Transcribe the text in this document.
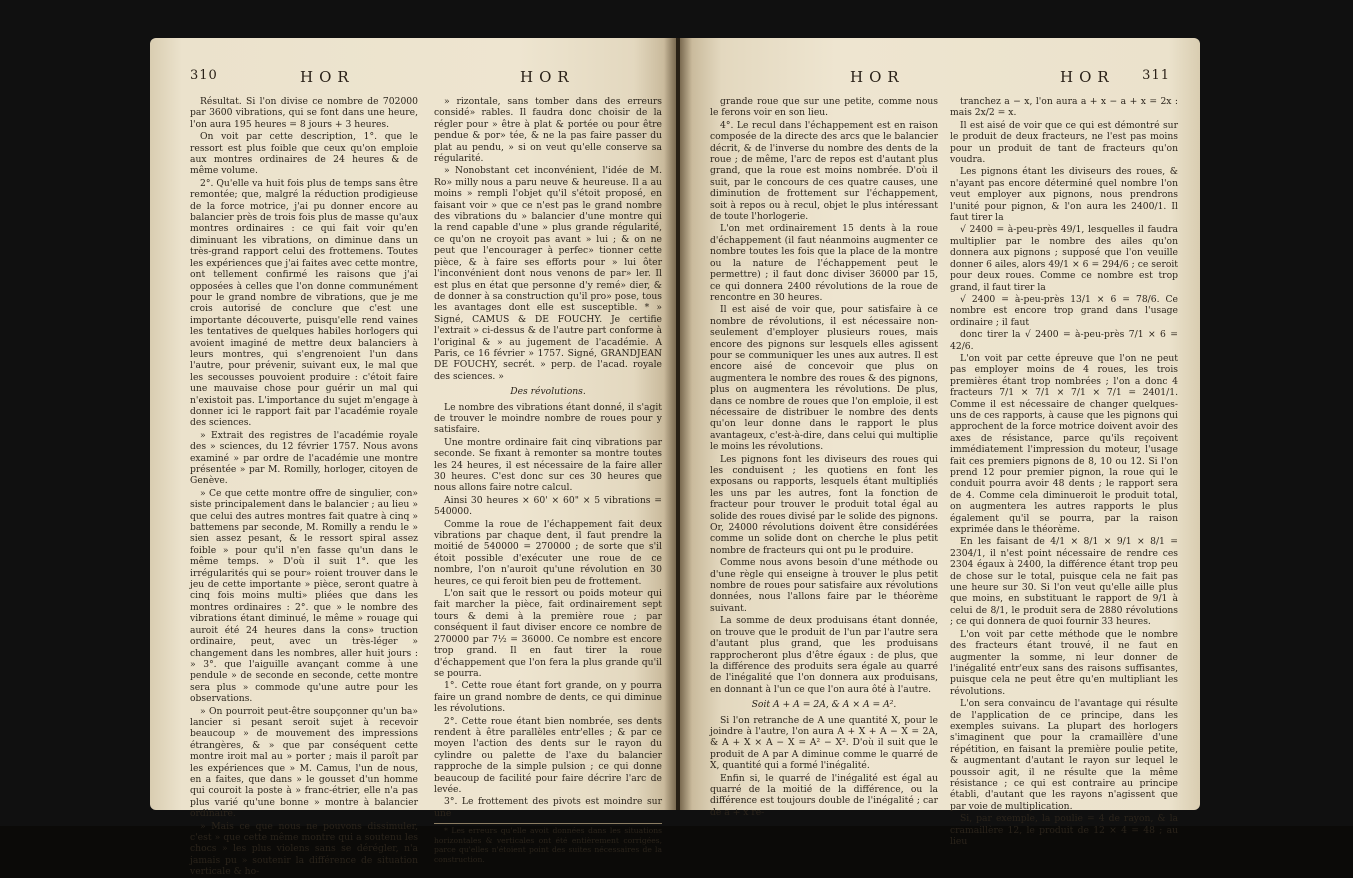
310	HOR	HOR

Résultat. Si l'on divise ce nombre de 702000 par 3600 vibrations, qui se font dans une heure, l'on aura 195 heures = 8 jours + 3 heures.

On voit par cette description, 1°. que le ressort est plus foible que ceux qu'on emploie aux montres ordinaires de 24 heures & de même volume.

2°. Qu'elle va huit fois plus de temps sans être remontée; que, malgré la réduction prodigieuse de la force motrice, j'ai pu donner encore au balancier près de trois fois plus de masse qu'aux montres ordinaires : ce qui fait voir qu'en diminuant les vibrations, on diminue dans un très-grand rapport celui des frottemens. Toutes les expériences que j'ai faites avec cette montre, ont tellement confirmé les raisons que j'ai opposées à celles que l'on donne communément pour le grand nombre de vibrations, que je me crois autorisé de conclure que c'est une importante découverte, puisqu'elle rend vaines les tentatives de quelques habiles horlogers qui avoient imaginé de mettre deux balanciers à leurs montres, qui s'engrenoient l'un dans l'autre, pour prévenir, suivant eux, le mal que les secousses pouvoient produire : c'étoit faire une mauvaise chose pour guérir un mal qui n'existoit pas. L'importance du sujet m'engage à donner ici le rapport fait par l'académie royale des sciences.

» Extrait des registres de l'académie royale des » sciences, du 12 février 1757. Nous avons examiné » par ordre de l'académie une montre présentée » par M. Romilly, horloger, citoyen de Genève.

» Ce que cette montre offre de singulier, con» siste principalement dans le balancier ; au lieu » que celui des autres montres fait quatre à cinq » battemens par seconde, M. Romilly a rendu le » sien assez pesant, & le ressort spiral assez foible » pour qu'il n'en fasse qu'un dans le même temps. » D'où il suit 1°. que les irrégularités qui se pour» roient trouver dans le jeu de cette importante » pièce, seront quatre à cinq fois moins multi» pliées que dans les montres ordinaires : 2°. que » le nombre des vibrations étant diminué, le même » rouage qui auroit été 24 heures dans la cons» truction ordinaire, peut, avec un très-léger » changement dans les nombres, aller huit jours : » 3°. que l'aiguille avançant comme à une pendule » de seconde en seconde, cette montre sera plus » commode qu'une autre pour les observations.

» On pourroit peut-être soupçonner qu'un ba» lancier si pesant seroit sujet à recevoir beaucoup » de mouvement des impressions étrangères, & » que par conséquent cette montre iroit mal au » porter ; mais il paroît par les expériences que » M. Camus, l'un de nous, en a faites, que dans » le gousset d'un homme qui couroit la poste à » franc-étrier, elle n'a pas plus varié qu'une bonne » montre à balancier ordinaire.

» Mais ce que nous ne pouvons dissimuler, c'est » que cette même montre qui a soutenu les chocs » les plus violens sans se dérégler, n'a jamais pu » soutenir la différence de situation verticale & ho-

» rizontale, sans tomber dans des erreurs considé» rables. Il faudra donc choisir de la régler pour » être à plat & portée ou pour être pendue & por» tée, & ne la pas faire passer du plat au pendu, » si on veut qu'elle conserve sa régularité.

» Nonobstant cet inconvénient, l'idée de M. Ro» milly nous a paru neuve & heureuse. Il a au moins » rempli l'objet qu'il s'étoit proposé, en faisant voir » que ce n'est pas le grand nombre des vibrations du » balancier d'une montre qui la rend capable d'une » plus grande régularité, ce qu'on ne croyoit pas avant » lui ; & on ne peut que l'encourager à perfec» tionner cette pièce, & à faire ses efforts pour » lui ôter l'inconvénient dont nous venons de par» ler. Il est plus en état que personne d'y remé» dier, & de donner à sa construction qu'il pro» pose, tous les avantages dont elle est susceptible. * » Signé, CAMUS & DE FOUCHY. Je certifie l'extrait » ci-dessus & de l'autre part conforme à l'original & » au jugement de l'académie. A Paris, ce 16 février » 1757. Signé, GRANDJEAN DE FOUCHY, secrét. » perp. de l'acad. royale des sciences. »

Des révolutions.

Le nombre des vibrations étant donné, il s'agit de trouver le moindre nombre de roues pour y satisfaire.

Une montre ordinaire fait cinq vibrations par seconde. Se fixant à remonter sa montre toutes les 24 heures, il est nécessaire de la faire aller 30 heures. C'est donc sur ces 30 heures que nous allons faire notre calcul.

Ainsi 30 heures × 60' × 60" × 5 vibrations = 540000.

Comme la roue de l'échappement fait deux vibrations par chaque dent, il faut prendre la moitié de 540000 = 270000 ; de sorte que s'il étoit possible d'exécuter une roue de ce nombre, l'on n'auroit qu'une révolution en 30 heures, ce qui feroit bien peu de frottement.

L'on sait que le ressort ou poids moteur qui fait marcher la pièce, fait ordinairement sept tours & demi à la première roue ; par conséquent il faut diviser encore ce nombre de 270000 par 7½ = 36000. Ce nombre est encore trop grand. Il en faut tirer la roue d'échappement que l'on fera la plus grande qu'il se pourra.

1°. Cette roue étant fort grande, on y pourra faire un grand nombre de dents, ce qui diminue les révolutions.

2°. Cette roue étant bien nombrée, ses dents rendent à être parallèles entr'elles ; & par ce moyen l'action des dents sur le rayon du cylindre ou palette de l'axe du balancier rapproche de la simple pulsion ; ce qui donne beaucoup de facilité pour faire décrire l'arc de levée.

3°. Le frottement des pivots est moindre sur une

* Les erreurs qu'elle avoit données dans les situations horizontales & verticales ont été entièrement corrigées, parce qu'elles n'étoient point des suites nécessaires de la construction.

HOR	HOR 311

grande roue que sur une petite, comme nous le ferons voir en son lieu.

4°. Le recul dans l'échappement est en raison composée de la directe des arcs que le balancier décrit, & de l'inverse du nombre des dents de la roue ; de même, l'arc de repos est d'autant plus grand, que la roue est moins nombrée. D'où il suit, par le concours de ces quatre causes, une diminution de frottement sur l'échappement, soit à repos ou à recul, objet le plus intéressant de toute l'horlogerie.

L'on met ordinairement 15 dents à la roue d'échappement (il faut néanmoins augmenter ce nombre toutes les fois que la place de la montre ou la nature de l'échappement peut le permettre) ; il faut donc diviser 36000 par 15, ce qui donnera 2400 révolutions de la roue de rencontre en 30 heures.

Il est aisé de voir que, pour satisfaire à ce nombre de révolutions, il est nécessaire non-seulement d'employer plusieurs roues, mais encore des pignons sur lesquels elles agissent pour se communiquer les unes aux autres. Il est encore aisé de concevoir que plus on augmentera le nombre des roues & des pignons, plus on augmentera les révolutions. De plus, dans ce nombre de roues que l'on emploie, il est nécessaire de distribuer le nombre des dents qu'on leur donne dans le rapport le plus avantageux, c'est-à-dire, dans celui qui multiplie le moins les révolutions.

Les pignons font les diviseurs des roues qui les conduisent ; les quotiens en font les exposans ou rapports, lesquels étant multipliés les uns par les autres, font la fonction de fracteur pour trouver le produit total égal au solide des roues divisé par le solide des pignons. Or, 24000 révolutions doivent être considérées comme un solide dont on cherche le plus petit nombre de fracteurs qui ont pu le produire.

Comme nous avons besoin d'une méthode ou d'une règle qui enseigne à trouver le plus petit nombre de roues pour satisfaire aux révolutions données, nous l'allons faire par le théorème suivant.

La somme de deux produisans étant donnée, on trouve que le produit de l'un par l'autre sera d'autant plus grand, que les produisans rapprocheront plus d'être égaux : de plus, que la différence des produits sera égale au quarré de l'inégalité que l'on donnera aux produisans, en donnant à l'un ce que l'on aura ôté à l'autre.

Soit A + A = 2A, & A × A = A².

Si l'on retranche de A une quantité X, pour le joindre à l'autre, l'on aura A + X + A − X = 2A, & A + X × A − X = A² − X². D'où il suit que le produit de A par A diminue comme le quarré de X, quantité qui a formé l'inégalité.

Enfin si, le quarré de l'inégalité est égal au quarré de la moitié de la différence, ou la différence est toujours double de l'inégalité ; car de a + x re-

tranchez a − x, l'on aura a + x − a + x = 2x : mais 2x/2 = x.

Il est aisé de voir que ce qui est démontré sur le produit de deux fracteurs, ne l'est pas moins pour un produit de tant de fracteurs qu'on voudra.

Les pignons étant les diviseurs des roues, & n'ayant pas encore déterminé quel nombre l'on veut employer aux pignons, nous prendrons l'unité pour pignon, & l'on aura les 2400/1. Il faut tirer la

√ 2400 = à-peu-près 49/1, lesquelles il faudra multiplier par le nombre des ailes qu'on donnera aux pignons ; supposé que l'on veuille donner 6 ailes, alors 49/1 × 6 = 294/6 ; ce seroit pour deux roues. Comme ce nombre est trop grand, il faut tirer la

√ 2400 = à-peu-près 13/1 × 6 = 78/6. Ce nombre est encore trop grand dans l'usage ordinaire ; il faut

donc tirer la √ 2400 = à-peu-près 7/1 × 6 = 42/6.

L'on voit par cette épreuve que l'on ne peut pas employer moins de 4 roues, les trois premières étant trop nombrées ; l'on a donc 4 fracteurs 7/1 × 7/1 × 7/1 × 7/1 = 2401/1. Comme il est nécessaire de changer quelques-uns de ces rapports, à cause que les pignons qui approchent de la force motrice doivent avoir des axes de résistance, parce qu'ils reçoivent immédiatement l'impression du moteur, l'usage fait ces premiers pignons de 8, 10 ou 12. Si l'on prend 12 pour premier pignon, la roue qui le conduit pourra avoir 48 dents ; le rapport sera de 4. Comme cela diminueroit le produit total, on augmentera les autres rapports le plus également qu'il se pourra, par la raison exprimée dans le théorème.

En les faisant de 4/1 × 8/1 × 9/1 × 8/1 = 2304/1, il n'est point nécessaire de rendre ces 2304 égaux à 2400, la différence étant trop peu de chose sur le total, puisque cela ne fait pas une heure sur 30. Si l'on veut qu'elle aille plus que moins, en substituant le rapport de 9/1 à celui de 8/1, le produit sera de 2880 révolutions ; ce qui donnera de quoi fournir 33 heures.

L'on voit par cette méthode que le nombre des fracteurs étant trouvé, il ne faut en augmenter la somme, ni leur donner de l'inégalité entr'eux sans des raisons suffisantes, puisque cela ne peut être qu'en multipliant les révolutions.

L'on sera convaincu de l'avantage qui résulte de l'application de ce principe, dans les exemples suivans. La plupart des horlogers s'imaginent que pour la cramaillère d'une répétition, en faisant la première poulie petite, & augmentant d'autant le rayon sur lequel le poussoir agit, il ne résulte que la même résistance ; ce qui est contraire au principe établi, d'autant que les rayons n'agissent que par voie de multiplication.

Si, par exemple, la poulie = 4 de rayon, & la cramaillère 12, le produit de 12 × 4 = 48 ; au lieu
